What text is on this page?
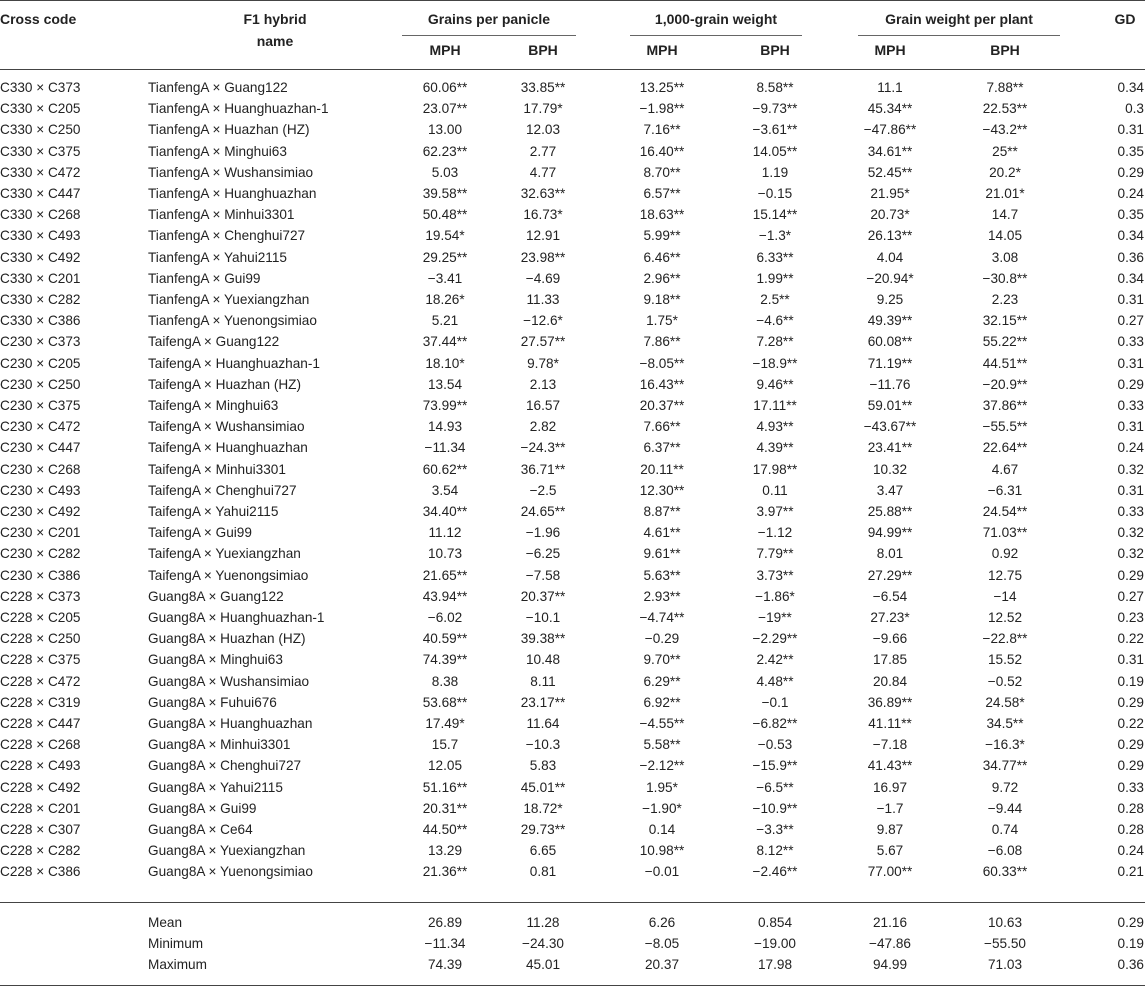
Cross code	F1 hybrid
name
Grains per panicle	1,000-grain weight	Grain weight per plant	GD
MPH	BPH	MPH	BPH	MPH	BPH
C330 × C373	TianfengA × Guang122	60.06**	33.85**	13.25**	8.58**	11.1	7.88**	0.34
C330 × C205	TianfengA × Huanghuazhan-1	23.07**	17.79*	−1.98**	−9.73**	45.34**	22.53**	0.3
C330 × C250	TianfengA × Huazhan (HZ)	13.00	12.03	7.16**	−3.61**	−47.86**	−43.2**	0.31
C330 × C375	TianfengA × Minghui63	62.23**	2.77	16.40**	14.05**	34.61**	25**	0.35
C330 × C472	TianfengA × Wushansimiao	5.03	4.77	8.70**	1.19	52.45**	20.2*	0.29
C330 × C447	TianfengA × Huanghuazhan	39.58**	32.63**	6.57**	−0.15	21.95*	21.01*	0.24
C330 × C268	TianfengA × Minhui3301	50.48**	16.73*	18.63**	15.14**	20.73*	14.7	0.35
C330 × C493	TianfengA × Chenghui727	19.54*	12.91	5.99**	−1.3*	26.13**	14.05	0.34
C330 × C492	TianfengA × Yahui2115	29.25**	23.98**	6.46**	6.33**	4.04	3.08	0.36
C330 × C201	TianfengA × Gui99	−3.41	−4.69	2.96**	1.99**	−20.94*	−30.8**	0.34
C330 × C282	TianfengA × Yuexiangzhan	18.26*	11.33	9.18**	2.5**	9.25	2.23	0.31
C330 × C386	TianfengA × Yuenongsimiao	5.21	−12.6*	1.75*	−4.6**	49.39**	32.15**	0.27
C230 × C373	TaifengA × Guang122	37.44**	27.57**	7.86**	7.28**	60.08**	55.22**	0.33
C230 × C205	TaifengA × Huanghuazhan-1	18.10*	9.78*	−8.05**	−18.9**	71.19**	44.51**	0.31
C230 × C250	TaifengA × Huazhan (HZ)	13.54	2.13	16.43**	9.46**	−11.76	−20.9**	0.29
C230 × C375	TaifengA × Minghui63	73.99**	16.57	20.37**	17.11**	59.01**	37.86**	0.33
C230 × C472	TaifengA × Wushansimiao	14.93	2.82	7.66**	4.93**	−43.67**	−55.5**	0.31
C230 × C447	TaifengA × Huanghuazhan	−11.34	−24.3**	6.37**	4.39**	23.41**	22.64**	0.24
C230 × C268	TaifengA × Minhui3301	60.62**	36.71**	20.11**	17.98**	10.32	4.67	0.32
C230 × C493	TaifengA × Chenghui727	3.54	−2.5	12.30**	0.11	3.47	−6.31	0.31
C230 × C492	TaifengA × Yahui2115	34.40**	24.65**	8.87**	3.97**	25.88**	24.54**	0.33
C230 × C201	TaifengA × Gui99	11.12	−1.96	4.61**	−1.12	94.99**	71.03**	0.32
C230 × C282	TaifengA × Yuexiangzhan	10.73	−6.25	9.61**	7.79**	8.01	0.92	0.32
C230 × C386	TaifengA × Yuenongsimiao	21.65**	−7.58	5.63**	3.73**	27.29**	12.75	0.29
C228 × C373	Guang8A × Guang122	43.94**	20.37**	2.93**	−1.86*	−6.54	−14	0.27
C228 × C205	Guang8A × Huanghuazhan-1	−6.02	−10.1	−4.74**	−19**	27.23*	12.52	0.23
C228 × C250	Guang8A × Huazhan (HZ)	40.59**	39.38**	−0.29	−2.29**	−9.66	−22.8**	0.22
C228 × C375	Guang8A × Minghui63	74.39**	10.48	9.70**	2.42**	17.85	15.52	0.31
C228 × C472	Guang8A × Wushansimiao	8.38	8.11	6.29**	4.48**	20.84	−0.52	0.19
C228 × C319	Guang8A × Fuhui676	53.68**	23.17**	6.92**	−0.1	36.89**	24.58*	0.29
C228 × C447	Guang8A × Huanghuazhan	17.49*	11.64	−4.55**	−6.82**	41.11**	34.5**	0.22
C228 × C268	Guang8A × Minhui3301	15.7	−10.3	5.58**	−0.53	−7.18	−16.3*	0.29
C228 × C493	Guang8A × Chenghui727	12.05	5.83	−2.12**	−15.9**	41.43**	34.77**	0.29
C228 × C492	Guang8A × Yahui2115	51.16**	45.01**	1.95*	−6.5**	16.97	9.72	0.33
C228 × C201	Guang8A × Gui99	20.31**	18.72*	−1.90*	−10.9**	−1.7	−9.44	0.28
C228 × C307	Guang8A × Ce64	44.50**	29.73**	0.14	−3.3**	9.87	0.74	0.28
C228 × C282	Guang8A × Yuexiangzhan	13.29	6.65	10.98**	8.12**	5.67	−6.08	0.24
C228 × C386	Guang8A × Yuenongsimiao	21.36**	0.81	−0.01	−2.46**	77.00**	60.33**	0.21
Mean	26.89	11.28	6.26	0.854	21.16	10.63	0.29
Minimum	−11.34	−24.30	−8.05	−19.00	−47.86	−55.50	0.19
Maximum	74.39	45.01	20.37	17.98	94.99	71.03	0.36
